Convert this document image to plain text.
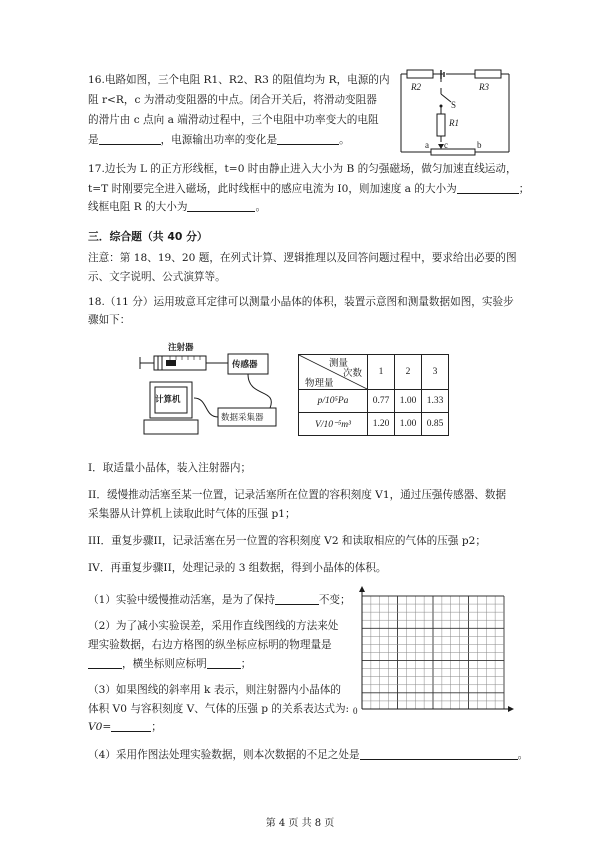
16.电路如图，三个电阻 R1、R2、R3 的阻值均为 R，电源的内
阻 r<R，c 为滑动变阻器的中点。闭合开关后，将滑动变阻器
的滑片由 c 点向 a 端滑动过程中，三个电阻中功率变大的电阻
是	，电源输出功率的变化是	。
R2	R3
R1
S
a	b
c
17.边长为 L 的正方形线框，t=0 时由静止进入大小为 B 的匀强磁场，做匀加速直线运动，
t=T 时刚要完全进入磁场，此时线框中的感应电流为 I0，则加速度 a 的大小为	；
线框电阻 R 的大小为	。
三．综合题（共 40 分）
注意：第 18、19、20 题，在列式计算、逻辑推理以及回答问题过程中，要求给出必要的图
示、文字说明、公式演算等。
18.（11 分）运用玻意耳定律可以测量小晶体的体积，装置示意图和测量数据如图，实验步
骤如下：
注射器
传感器
计算机
数据采集器
测量
次数
物理量	1	2	3
p/10⁵Pa	0.77	1.00	1.33
V/10⁻⁵m³	1.20	1.00	0.85
I．取适量小晶体，装入注射器内；
II．缓慢推动活塞至某一位置，记录活塞所在位置的容积刻度 V1，通过压强传感器、数据
采集器从计算机上读取此时气体的压强 p1；
III．重复步骤II，记录活塞在另一位置的容积刻度 V2 和读取相应的气体的压强 p2；
IV．再重复步骤II，处理记录的 3 组数据，得到小晶体的体积。
（1）实验中缓慢推动活塞，是为了保持	不变；
（2）为了减小实验误差，采用作直线图线的方法来处
理实验数据，右边方格图的纵坐标应标明的物理量是
，横坐标则应标明	；
（3）如果图线的斜率用 k 表示，则注射器内小晶体的
体积 V0 与容积刻度 V、气体的压强 p 的关系表达式为:
V0=	；
（4）采用作图法处理实验数据，则本次数据的不足之处是	。
0
第 4 页 共 8 页
